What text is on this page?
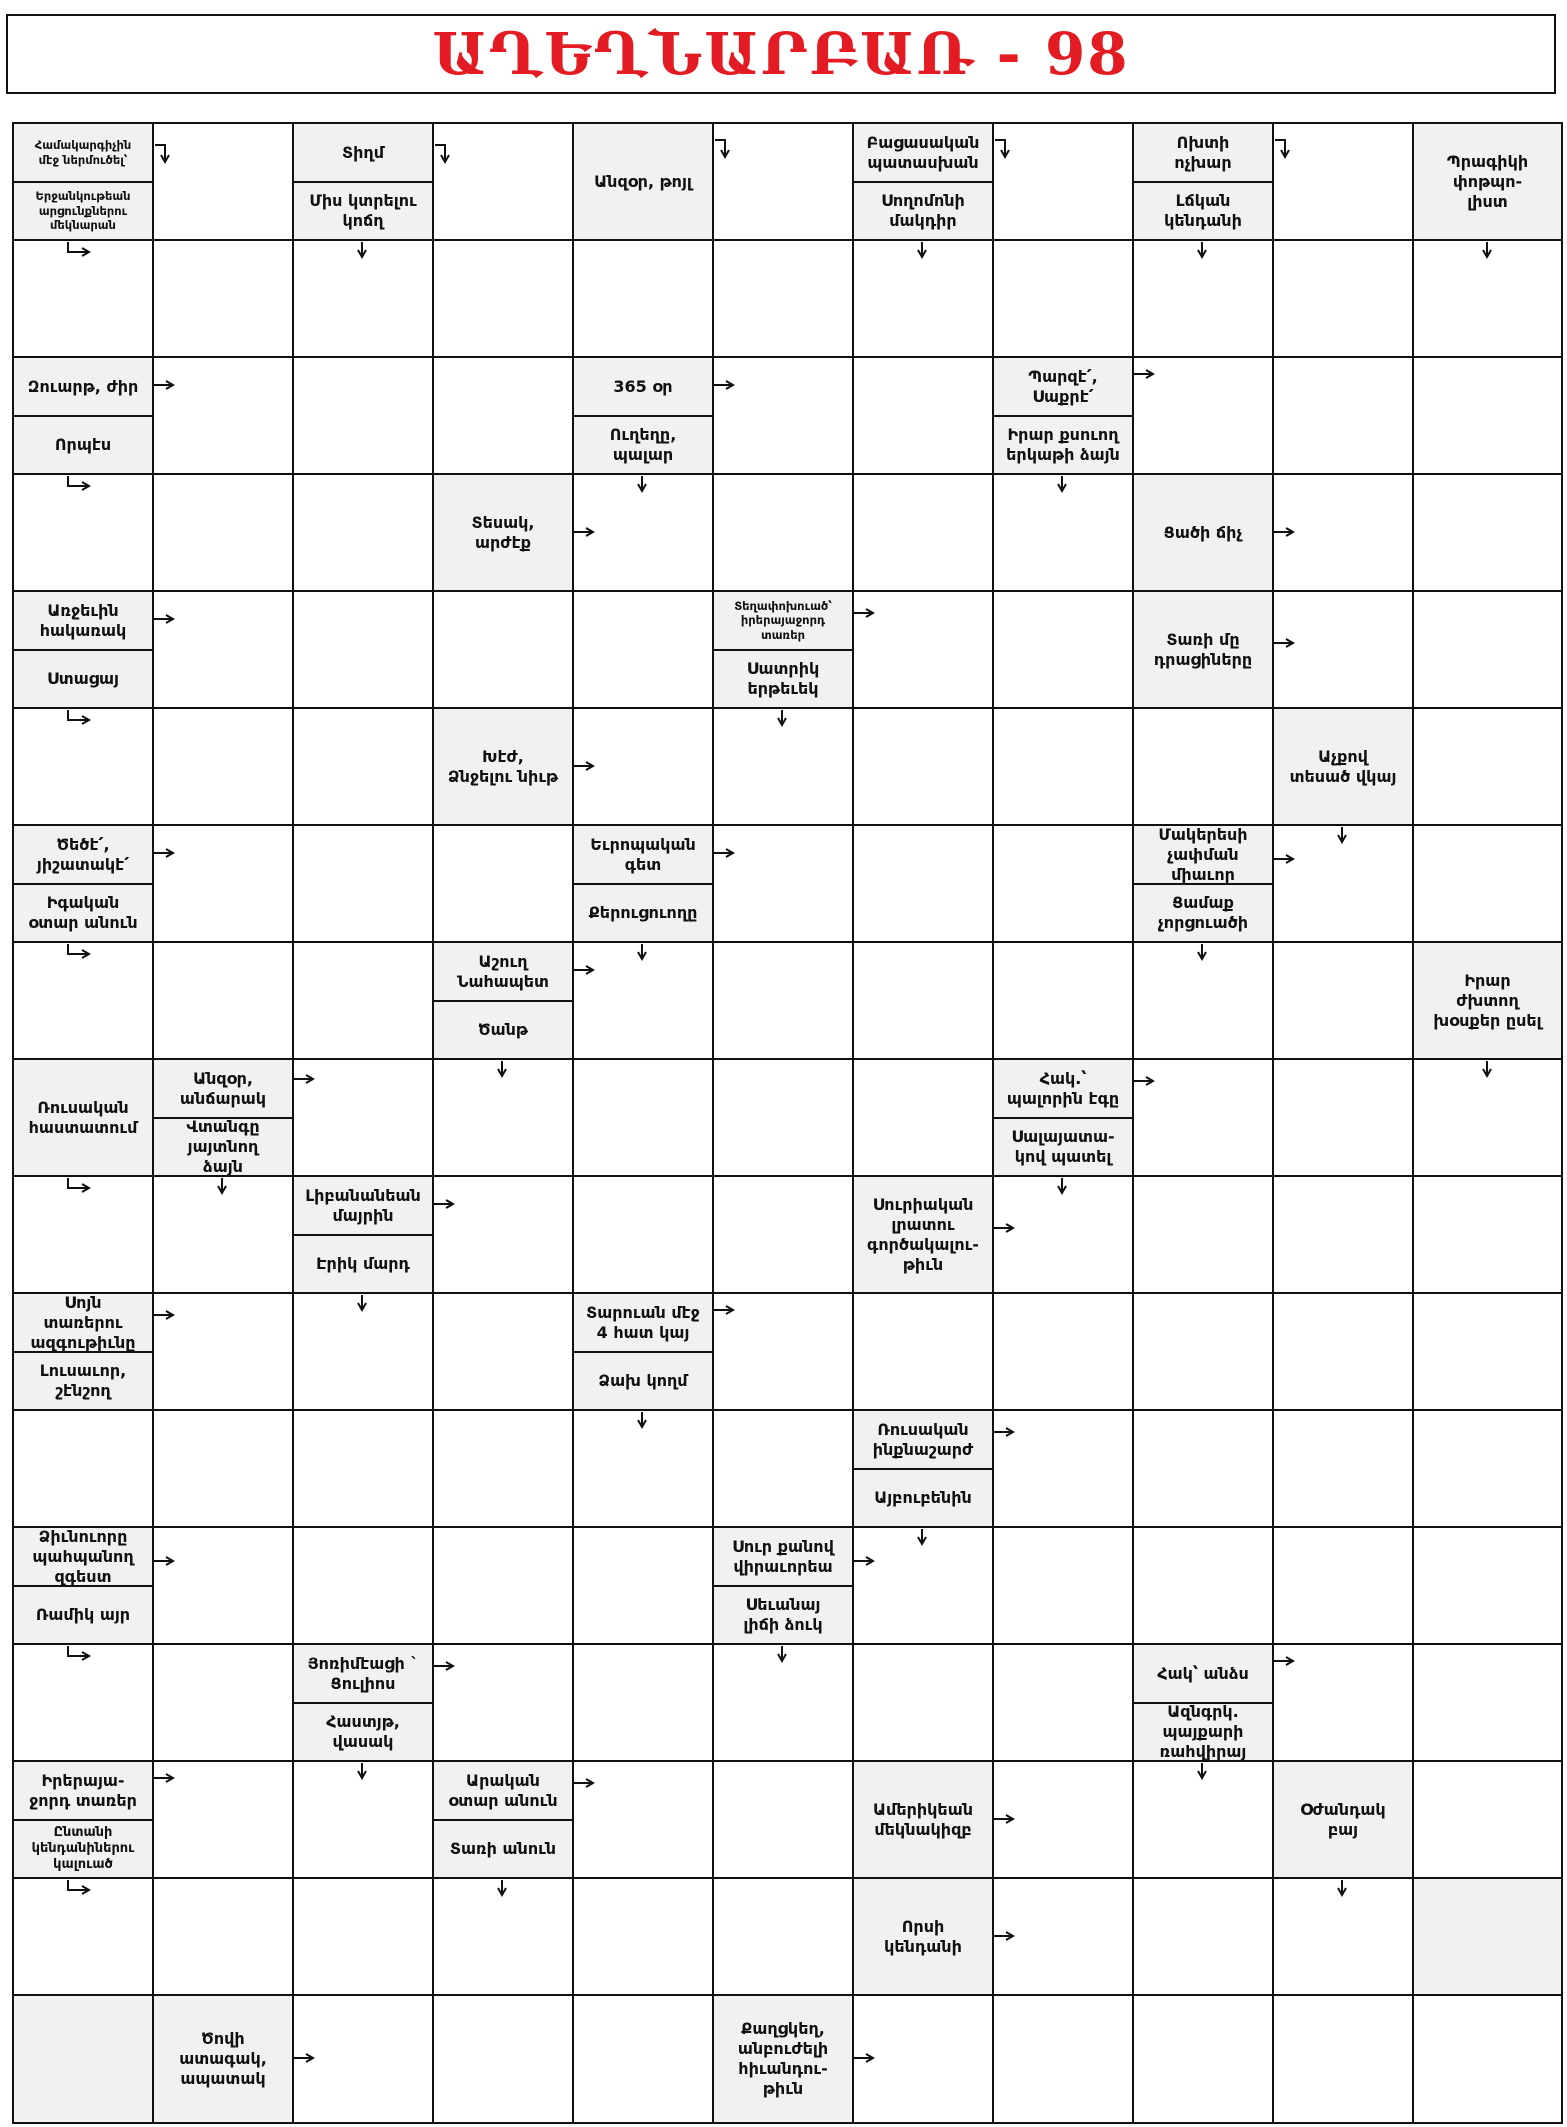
ԱՂԵՂՆԱՐԲԱՌ - 98
Համակարգիչին
մէջ ներմուծել՝
Երջանկութեան
արցունքներու
մեկնարան
Տիղմ
Միս կտրելու
կոճղ
Անզօր, թոյլ
Բացասական
պատասխան
Սողոմոնի
մակդիր
Ոխտի
ոչխար
Լճկան
կենդանի
Պրագիկի
փոթպո-
լիստ
Զուարթ, ժիր
Որպէս
365 օր
Ուղեղը,
պալար
Պարզէ՛,
Սաքրէ՛
Իրար քսուող
երկաթի ձայն
Տեսակ,
արժէք
Ցածի ճիչ
Առջեւին
հակառակ
Ստացայ
Տեղափոխուած՝
իրերայաջորդ
տառեր
Սատրիկ
երթեւեկ
Տառի մը
դրացիները
Խէժ,
Ձնջելու նիւթ
Աչքով
տեսած վկայ
Ծեծէ՛,
յիշատակէ՛
Իգական
օտար անուն
Եւրոպական
գետ
Քերուցուողը
Մակերեսի
չափման
միաւոր
Ցամաք
չորցուածի
Աշուղ
Նահապետ
Ծանթ
Իրար
ժխտող
խօսքեր ըսել
Ռուսական
հաստատում
Անզօր,
անճարակ
Վտանգը
յայտնող
ձայն
Հակ.՝
պալորին էգը
Սալայատա-
կով պատել
Լիբանանեան
մայրին
Էրիկ մարդ
Սուրիական
լրատու
գործակալու-
թիւն
Սոյն
տառերու
ազգութիւնը
Լուսաւոր,
շէնշող
Տարուան մէջ
4 հատ կայ
Ձախ կողմ
Ռուսական
ինքնաշարժ
Այբուբենին
Ձիւնուորը
պահպանող
զգեստ
Ռամիկ այր
Սուր քանով
վիրաւորեա
Սեւանայ
լիճի ձուկ
Յոռիմէացի `
Ցուլիոս
Հաստյթ,
վասակ
Հակ՝ անձս
Ազնգրկ.
պայքարի
ռահվիրայ
Իրերայա-
ջորդ տառեր
Ընտանի
կենդանիներու
կալուած
Արական
օտար անուն
Տառի անուն
Ամերիկեան
մեկնակիզբ
Օժանդակ
բայ
Որսի
կենդանի
Ծովի
ատագակ,
ապատակ
Քաղցկեղ,
անբուժելի
հիւանդու-
թիւն
